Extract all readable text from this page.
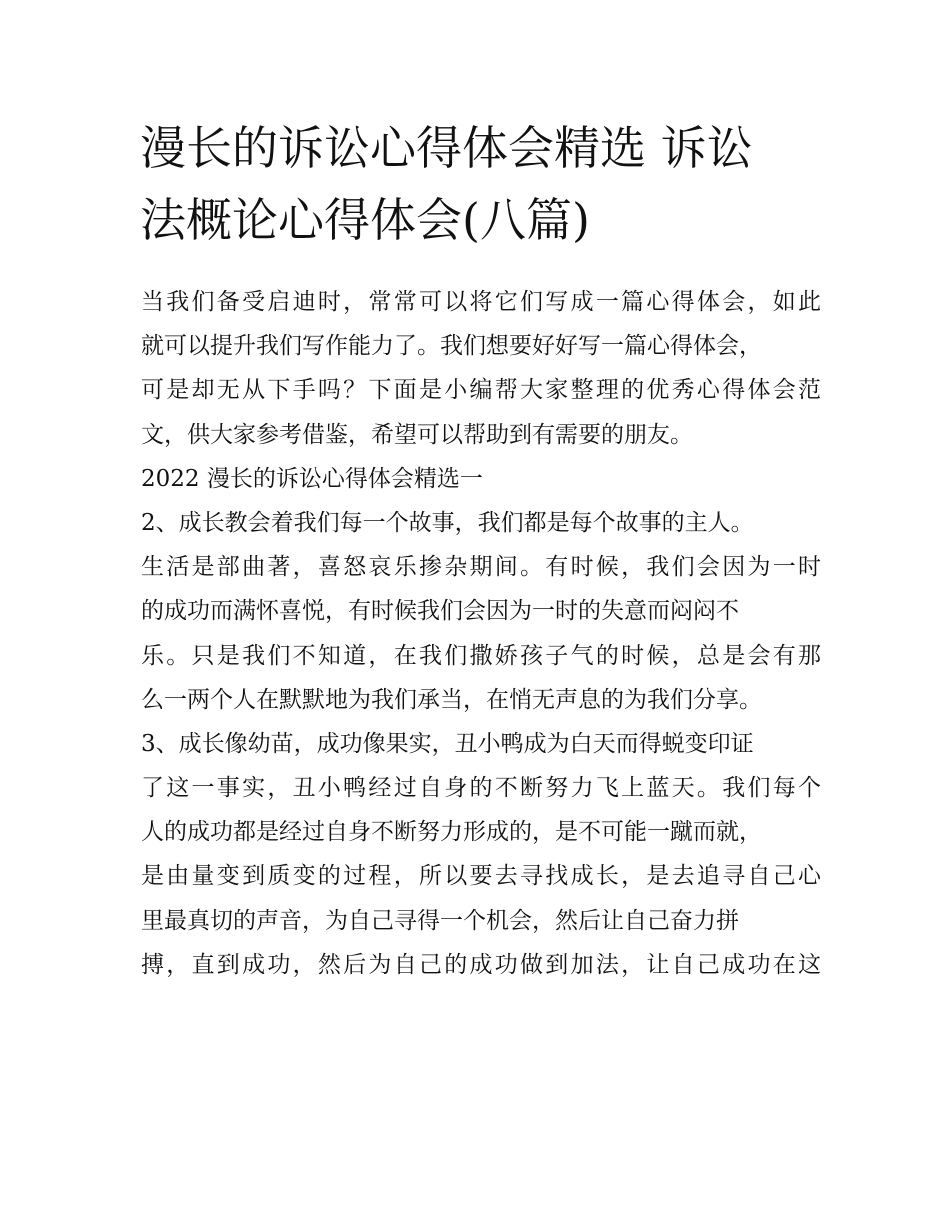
漫长的诉讼心得体会精选 诉讼
法概论心得体会(八篇)
当我们备受启迪时，常常可以将它们写成一篇心得体会，如此
就可以提升我们写作能力了。我们想要好好写一篇心得体会，
可是却无从下手吗？下面是小编帮大家整理的优秀心得体会范
文，供大家参考借鉴，希望可以帮助到有需要的朋友。
2022 漫长的诉讼心得体会精选一
2、成长教会着我们每一个故事，我们都是每个故事的主人。
生活是部曲著，喜怒哀乐掺杂期间。有时候，我们会因为一时
的成功而满怀喜悦，有时候我们会因为一时的失意而闷闷不
乐。只是我们不知道，在我们撒娇孩子气的时候，总是会有那
么一两个人在默默地为我们承当，在悄无声息的为我们分享。
3、成长像幼苗，成功像果实，丑小鸭成为白天而得蜕变印证
了这一事实，丑小鸭经过自身的不断努力飞上蓝天。我们每个
人的成功都是经过自身不断努力形成的，是不可能一蹴而就，
是由量变到质变的过程，所以要去寻找成长，是去追寻自己心
里最真切的声音，为自己寻得一个机会，然后让自己奋力拼
搏，直到成功，然后为自己的成功做到加法，让自己成功在这
